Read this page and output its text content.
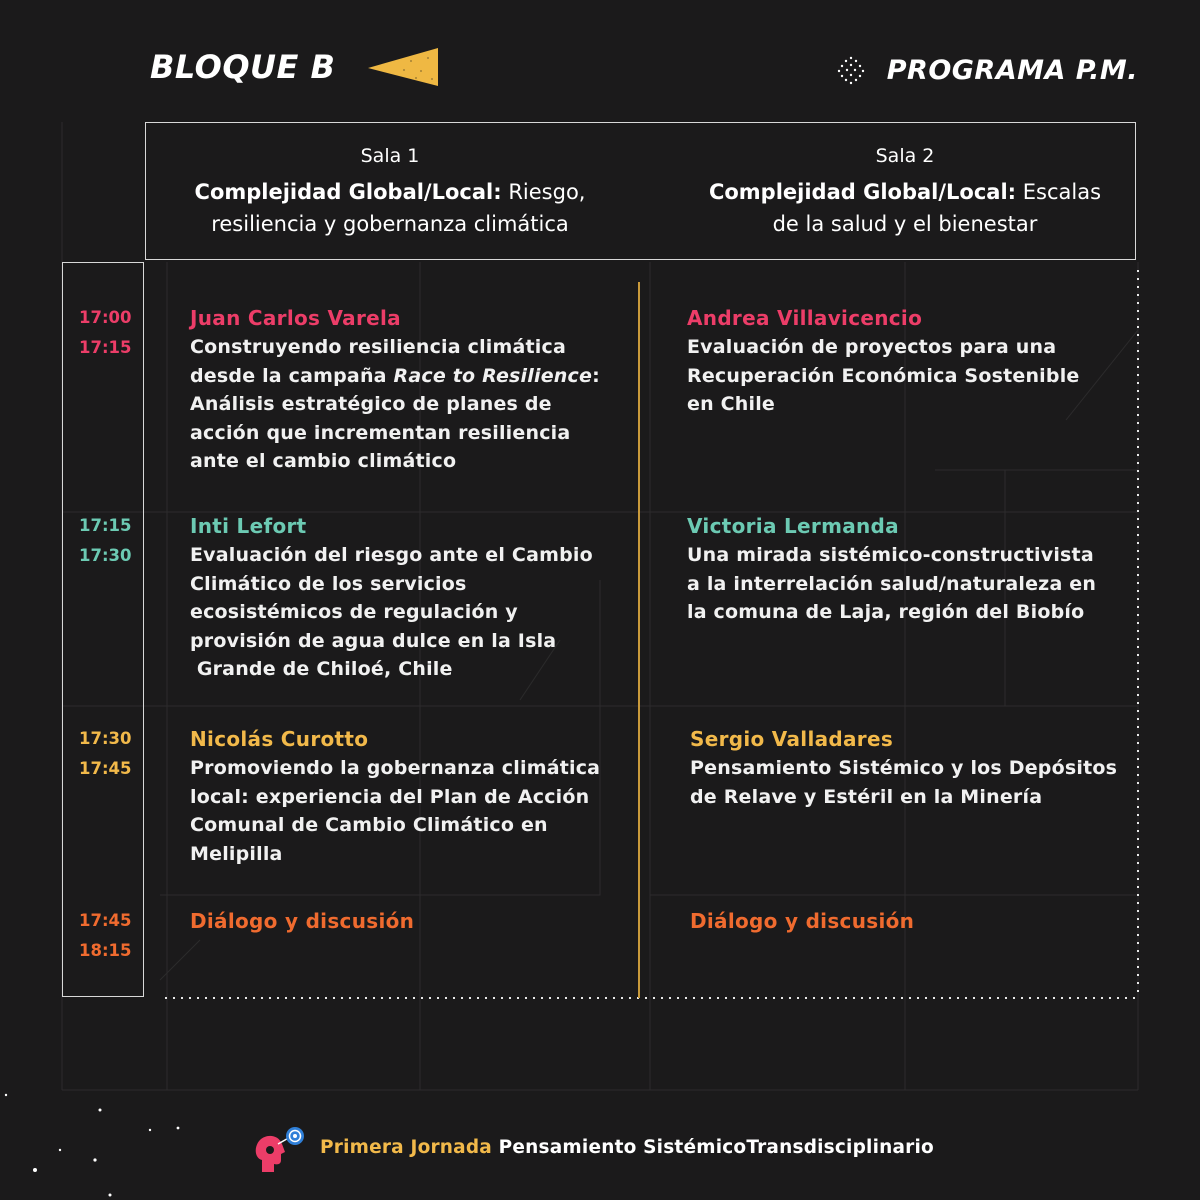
BLOQUE B	PROGRAMA P.M.
Sala 1
Complejidad Global/Local: Riesgo,
resiliencia y gobernanza climática
Sala 2
Complejidad Global/Local: Escalas
de la salud y el bienestar
17:00
17:15
Juan Carlos Varela
Construyendo resiliencia climática
desde la campaña Race to Resilience:
Análisis estratégico de planes de
acción que incrementan resiliencia
ante el cambio climático
Andrea Villavicencio
Evaluación de proyectos para una
Recuperación Económica Sostenible
en Chile
17:15
17:30
Inti Lefort
Evaluación del riesgo ante el Cambio
Climático de los servicios
ecosistémicos de regulación y
provisión de agua dulce en la Isla
Grande de Chiloé, Chile
Victoria Lermanda
Una mirada sistémico-constructivista
a la interrelación salud/naturaleza en
la comuna de Laja, región del Biobío
17:30
17:45
Nicolás Curotto
Promoviendo la gobernanza climática
local: experiencia del Plan de Acción
Comunal de Cambio Climático en
Melipilla
Sergio Valladares
Pensamiento Sistémico y los Depósitos
de Relave y Estéril en la Minería
17:45
18:15
Diálogo y discusión	Diálogo y discusión
Primera Jornada Pensamiento SistémicoTransdisciplinario
